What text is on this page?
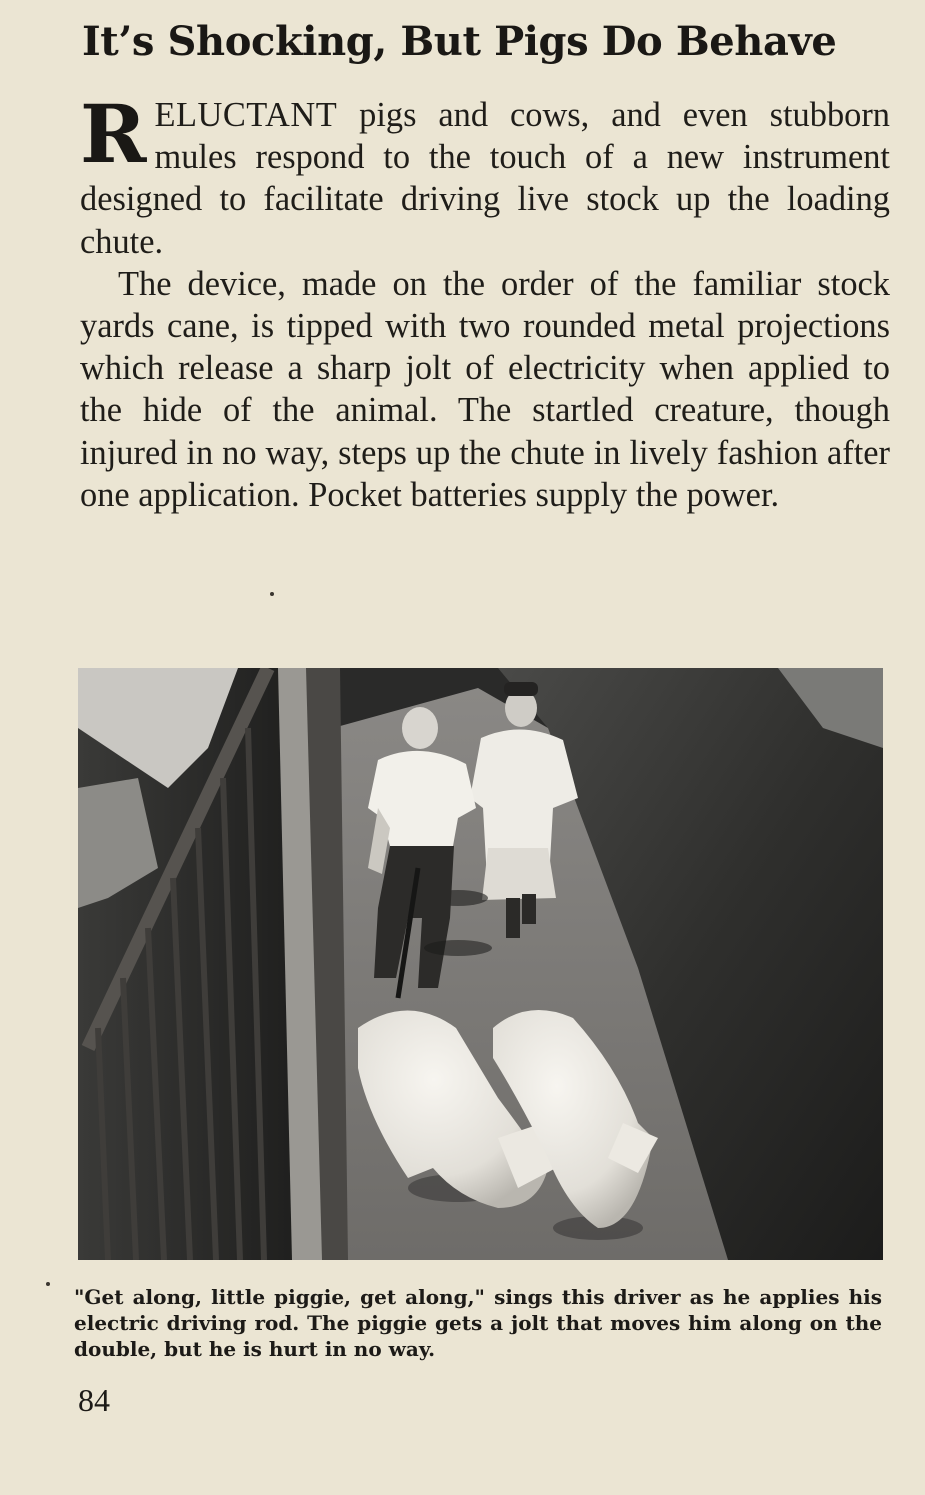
It’s Shocking, But Pigs Do Behave

RELUCTANT pigs and cows, and even stubborn mules respond to the touch of a new instrument designed to facilitate driving live stock up the loading chute.

The device, made on the order of the familiar stock yards cane, is tipped with two rounded metal projections which release a sharp jolt of electricity when applied to the hide of the animal. The startled creature, though injured in no way, steps up the chute in lively fashion after one application. Pocket batteries supply the power.

"Get along, little piggie, get along," sings this driver as he applies his electric driving rod. The piggie gets a jolt that moves him along on the double, but he is hurt in no way.

84
